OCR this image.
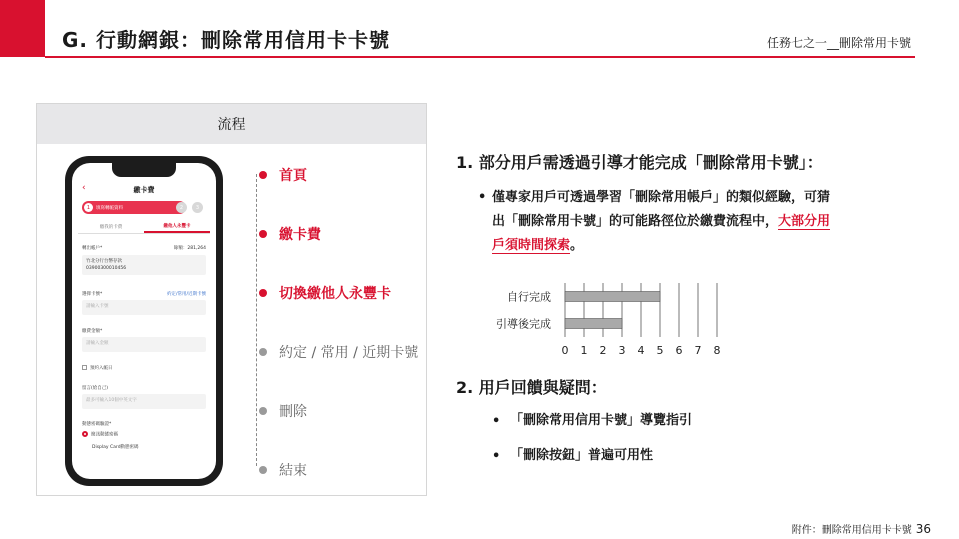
G. 行動網銀：刪除常用信用卡卡號	任務七之一__刪除常用卡號
流程
‹	繳卡費
1	填寫轉帳資料	2	3
繳我的卡費	繳他人永豐卡
轉出帳戶*	餘額：281,264
竹北分行台幣存款
03900300010456
選擇卡號*	約定/常用/近期卡號
請輸入卡號
繳費金額*
請輸入金額
預約入帳日
留言(給自己)
最多可輸入10個中英文字
動態密碼驗證*
簡訊動態密碼
Display Card動態密碼
首頁
繳卡費
切換繳他人永豐卡
約定 / 常用 / 近期卡號
刪除
結束
1. 部分用戶需透過引導才能完成「刪除常用卡號」：
• 僅專家用戶可透過學習「刪除常用帳戶」的類似經驗，可猜
出「刪除常用卡號」的可能路徑位於繳費流程中，大部分用
戶須時間探索。
0 1 2 3 4 5 6 7 8
自行完成
引導後完成
2. 用戶回饋與疑問：
• 「刪除常用信用卡號」導覽指引
• 「刪除按鈕」普遍可用性
附件：刪除常用信用卡卡號 36
